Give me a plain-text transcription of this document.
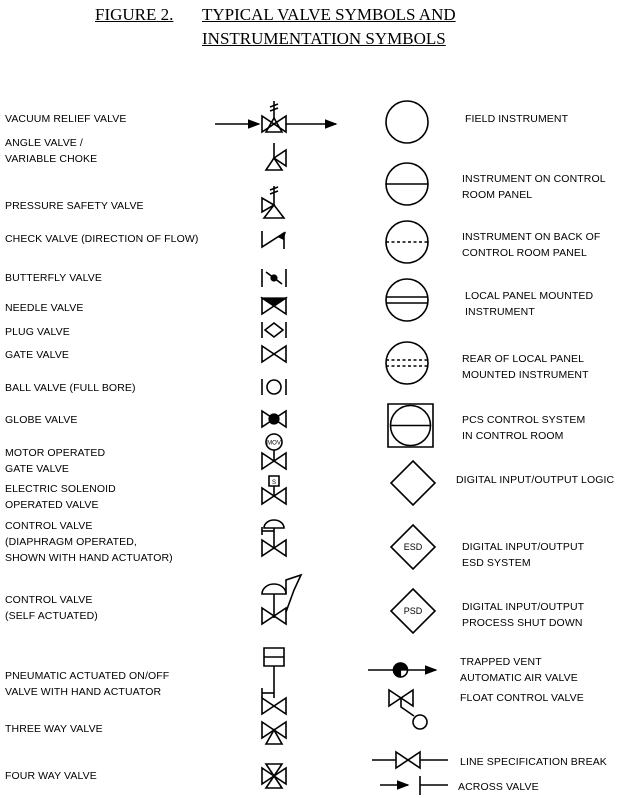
FIGURE 2. TYPICAL VALVE SYMBOLS AND
INSTRUMENTATION SYMBOLS
VACUUM RELIEF VALVE
ANGLE VALVE /
VARIABLE CHOKE
PRESSURE SAFETY VALVE
CHECK VALVE (DIRECTION OF FLOW)
BUTTERFLY VALVE
NEEDLE VALVE
PLUG VALVE
GATE VALVE
BALL VALVE (FULL BORE)
GLOBE VALVE
MOTOR OPERATED
GATE VALVE
ELECTRIC SOLENOID
OPERATED VALVE
CONTROL VALVE
(DIAPHRAGM OPERATED,
SHOWN WITH HAND ACTUATOR)
CONTROL VALVE
(SELF ACTUATED)
PNEUMATIC ACTUATED ON/OFF
VALVE WITH HAND ACTUATOR
THREE WAY VALVE
FOUR WAY VALVE
FIELD INSTRUMENT
INSTRUMENT ON CONTROL
ROOM PANEL
INSTRUMENT ON BACK OF
CONTROL ROOM PANEL
LOCAL PANEL MOUNTED
INSTRUMENT
REAR OF LOCAL PANEL
MOUNTED INSTRUMENT
PCS CONTROL SYSTEM
IN CONTROL ROOM
DIGITAL INPUT/OUTPUT LOGIC
DIGITAL INPUT/OUTPUT
ESD SYSTEM
DIGITAL INPUT/OUTPUT
PROCESS SHUT DOWN
TRAPPED VENT
AUTOMATIC AIR VALVE
FLOAT CONTROL VALVE
LINE SPECIFICATION BREAK
ACROSS VALVE
MOV
S
ESD
PSD
